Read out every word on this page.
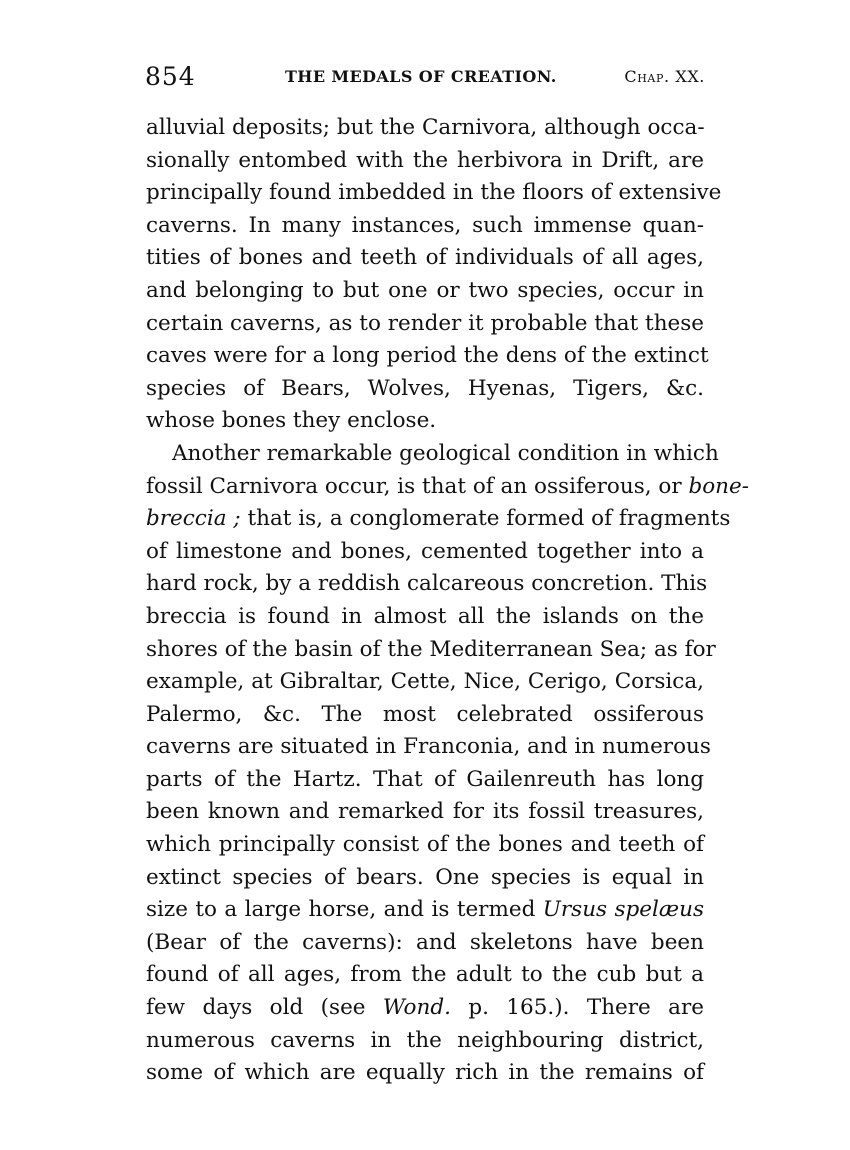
854	THE MEDALS OF CREATION.	Chap. XX.
alluvial deposits; but the Carnivora, although occa-
sionally entombed with the herbivora in Drift, are
principally found imbedded in the floors of extensive
caverns. In many instances, such immense quan-
tities of bones and teeth of individuals of all ages,
and belonging to but one or two species, occur in
certain caverns, as to render it probable that these
caves were for a long period the dens of the extinct
species of Bears, Wolves, Hyenas, Tigers, &c.
whose bones they enclose.
Another remarkable geological condition in which
fossil Carnivora occur, is that of an ossiferous, or bone-
breccia ; that is, a conglomerate formed of fragments
of limestone and bones, cemented together into a
hard rock, by a reddish calcareous concretion. This
breccia is found in almost all the islands on the
shores of the basin of the Mediterranean Sea; as for
example, at Gibraltar, Cette, Nice, Cerigo, Corsica,
Palermo, &c. The most celebrated ossiferous
caverns are situated in Franconia, and in numerous
parts of the Hartz. That of Gailenreuth has long
been known and remarked for its fossil treasures,
which principally consist of the bones and teeth of
extinct species of bears. One species is equal in
size to a large horse, and is termed Ursus spelæus
(Bear of the caverns): and skeletons have been
found of all ages, from the adult to the cub but a
few days old (see Wond. p. 165.). There are
numerous caverns in the neighbouring district,
some of which are equally rich in the remains of
